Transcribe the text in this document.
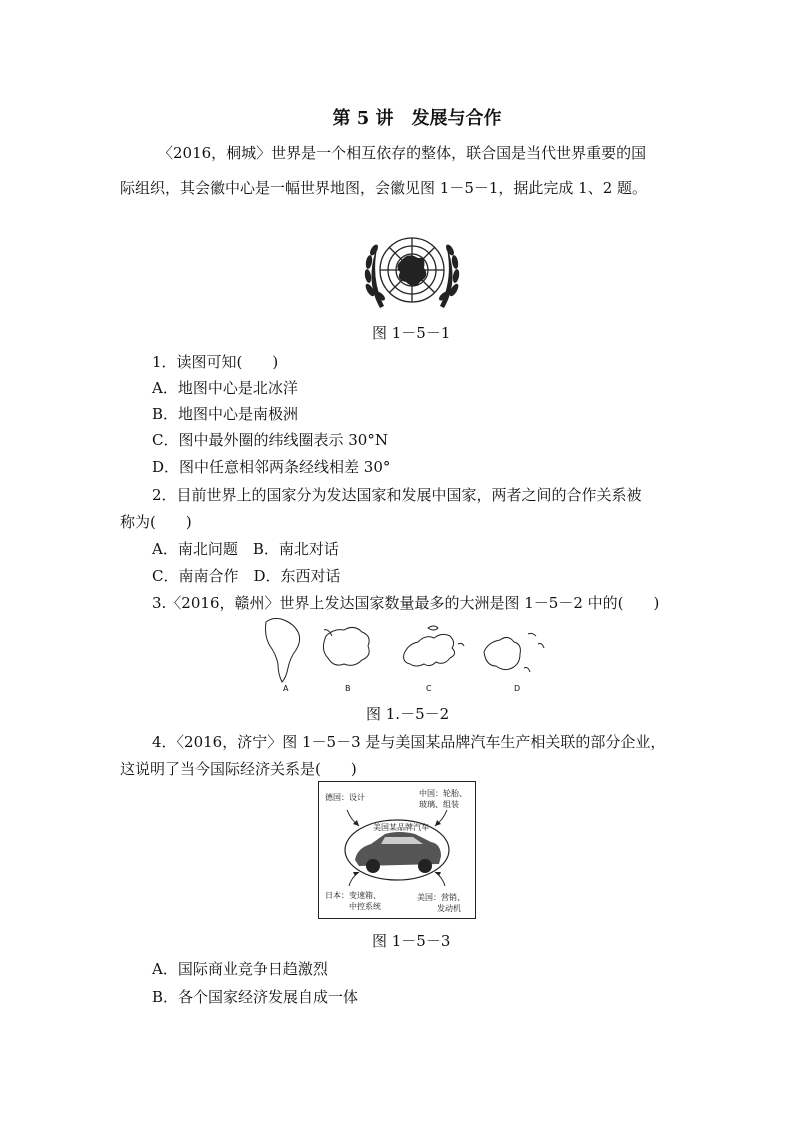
第 5 讲　发展与合作
〈2016，桐城〉世界是一个相互依存的整体，联合国是当代世界重要的国
际组织，其会徽中心是一幅世界地图，会徽见图 1－5－1，据此完成 1、2 题。
图 1－5－1
1．读图可知(　　)
A．地图中心是北冰洋
B．地图中心是南极洲
C．图中最外圈的纬线圈表示 30°N
D．图中任意相邻两条经线相差 30°
2．目前世界上的国家分为发达国家和发展中国家，两者之间的合作关系被
称为(　　)
A．南北问题　B．南北对话
C．南南合作　D．东西对话
3.〈2016，赣州〉世界上发达国家数量最多的大洲是图 1－5－2 中的(　　)
A	B	C	D
图 1.－5－2
4．〈2016，济宁〉图 1－5－3 是与美国某品牌汽车生产相关联的部分企业，
这说明了当今国际经济关系是(　　)
德国：设计	中国：轮胎、
玻璃、组装
美国某品牌汽车
日本：变速箱、
中控系统
美国：营销、
发动机
图 1－5－3
A．国际商业竞争日趋激烈
B．各个国家经济发展自成一体
